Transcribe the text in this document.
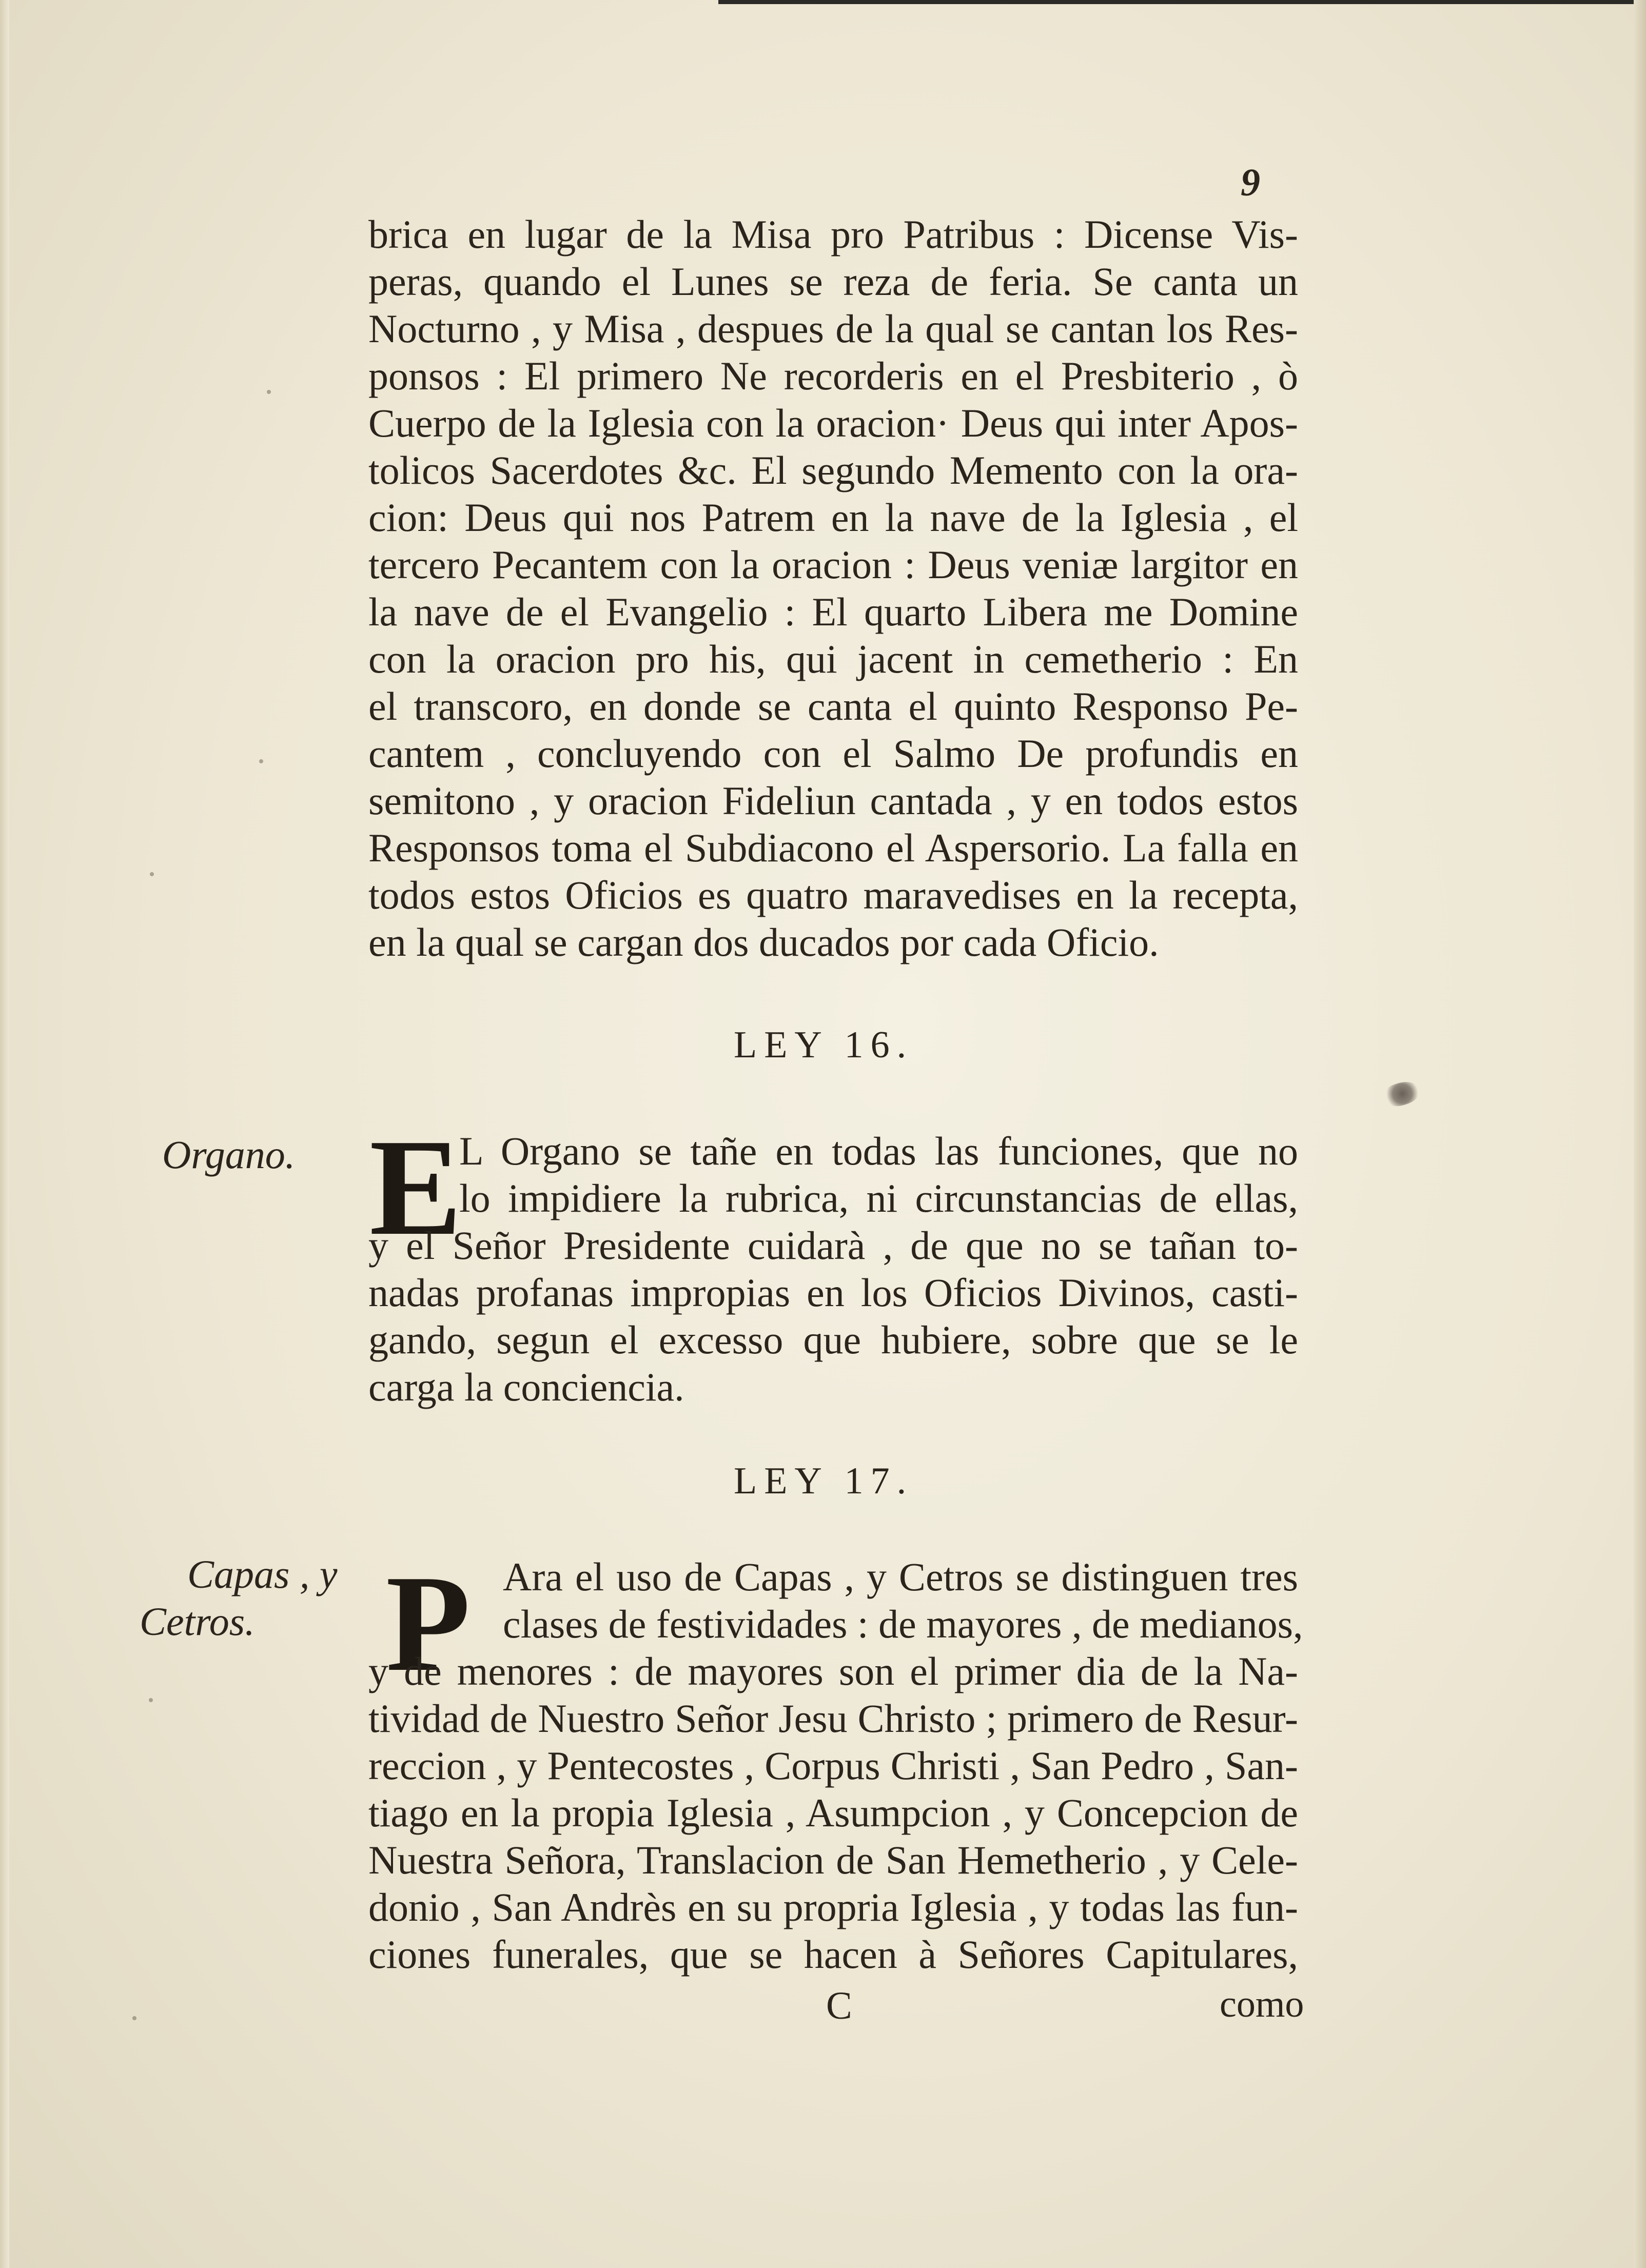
9
brica en lugar de la Misa pro Patribus : Dicense Vis-
peras, quando el Lunes se reza de feria. Se canta un
Nocturno , y Misa , despues de la qual se cantan los Res-
ponsos : El primero Ne recorderis en el Presbiterio , ò
Cuerpo de la Iglesia con la oracion· Deus qui inter Apos-
tolicos Sacerdotes &c. El segundo Memento con la ora-
cion: Deus qui nos Patrem en la nave de la Iglesia , el
tercero Pecantem con la oracion : Deus veniæ largitor en
la nave de el Evangelio : El quarto Libera me Domine
con la oracion pro his, qui jacent in cemetherio : En
el transcoro, en donde se canta el quinto Responso Pe-
cantem , concluyendo con el Salmo De profundis en
semitono , y oracion Fideliun cantada , y en todos estos
Responsos toma el Subdiacono el Aspersorio. La falla en
todos estos Oficios es quatro maravedises en la recepta,
en la qual se cargan dos ducados por cada Oficio.
LEY 16.
Organo. E
L Organo se tañe en todas las funciones, que no
lo impidiere la rubrica, ni circunstancias de ellas,
y el Señor Presidente cuidarà , de que no se tañan to-
nadas profanas impropias en los Oficios Divinos, casti-
gando, segun el excesso que hubiere, sobre que se le
carga la conciencia.
LEY 17.
Capas , y
Cetros. P Ara el uso de Capas , y Cetros se distinguen tres
clases de festividades : de mayores , de medianos,
y de menores : de mayores son el primer dia de la Na-
tividad de Nuestro Señor Jesu Christo ; primero de Resur-
reccion , y Pentecostes , Corpus Christi , San Pedro , San-
tiago en la propia Iglesia , Asumpcion , y Concepcion de
Nuestra Señora, Translacion de San Hemetherio , y Cele-
donio , San Andrès en su propria Iglesia , y todas las fun-
ciones funerales, que se hacen à Señores Capitulares,
C	como
